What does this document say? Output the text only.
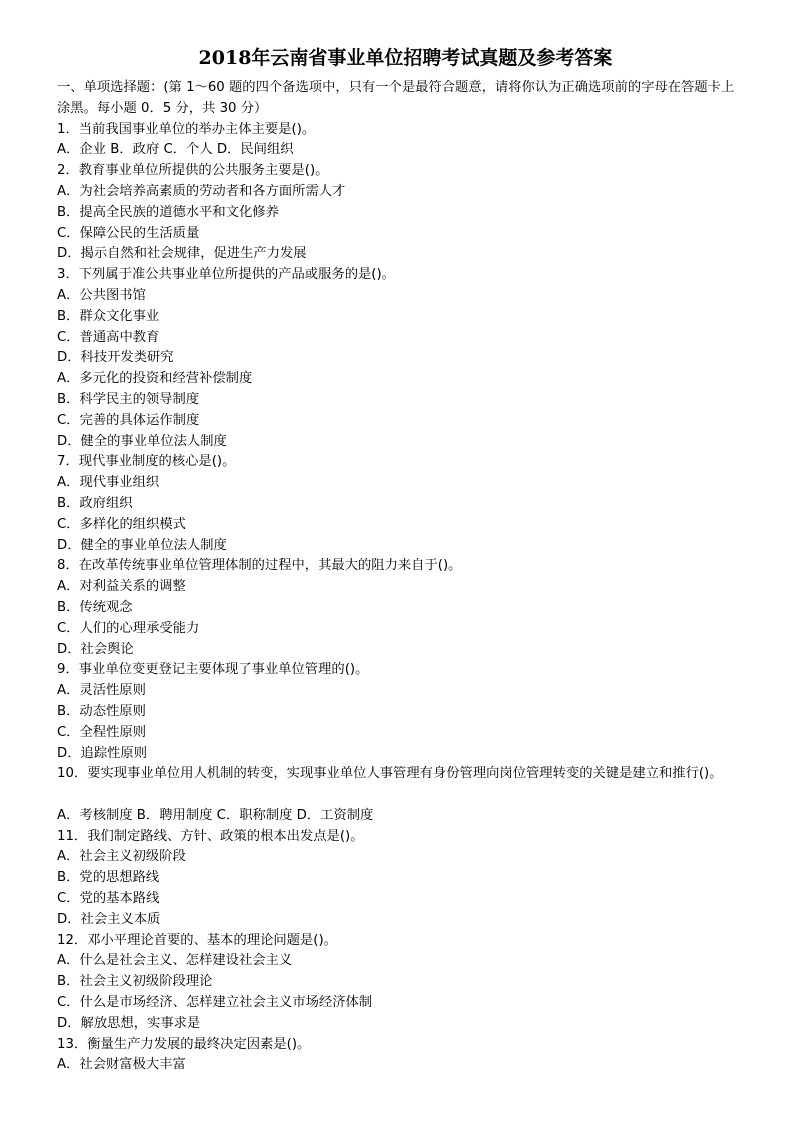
2018年云南省事业单位招聘考试真题及参考答案

一、单项选择题：(第 1～60 题的四个备选项中，只有一个是最符合题意，请将你认为正确选项前的字母在答题卡上涂黑。每小题 0．5 分，共 30 分）

1．当前我国事业单位的举办主体主要是()。
A．企业 B．政府 C．个人 D．民间组织
2．教育事业单位所提供的公共服务主要是()。
A．为社会培养高素质的劳动者和各方面所需人才
B．提高全民族的道德水平和文化修养
C．保障公民的生活质量
D．揭示自然和社会规律，促进生产力发展
3．下列属于准公共事业单位所提供的产品或服务的是()。
A．公共图书馆
B．群众文化事业
C．普通高中教育
D．科技开发类研究
A．多元化的投资和经营补偿制度
B．科学民主的领导制度
C．完善的具体运作制度
D．健全的事业单位法人制度
7．现代事业制度的核心是()。
A．现代事业组织
B．政府组织
C．多样化的组织模式
D．健全的事业单位法人制度
8．在改革传统事业单位管理体制的过程中，其最大的阻力来自于()。
A．对利益关系的调整
B．传统观念
C．人们的心理承受能力
D．社会舆论
9．事业单位变更登记主要体现了事业单位管理的()。
A．灵活性原则
B．动态性原则
C．全程性原则
D．追踪性原则
10．要实现事业单位用人机制的转变，实现事业单位人事管理有身份管理向岗位管理转变的关键是建立和推行()。
A．考核制度 B．聘用制度 C．职称制度 D．工资制度
11．我们制定路线、方针、政策的根本出发点是()。
A．社会主义初级阶段
B．党的思想路线
C．党的基本路线
D．社会主义本质
12．邓小平理论首要的、基本的理论问题是()。
A．什么是社会主义、怎样建设社会主义
B．社会主义初级阶段理论
C．什么是市场经济、怎样建立社会主义市场经济体制
D．解放思想，实事求是
13．衡量生产力发展的最终决定因素是()。
A．社会财富极大丰富
